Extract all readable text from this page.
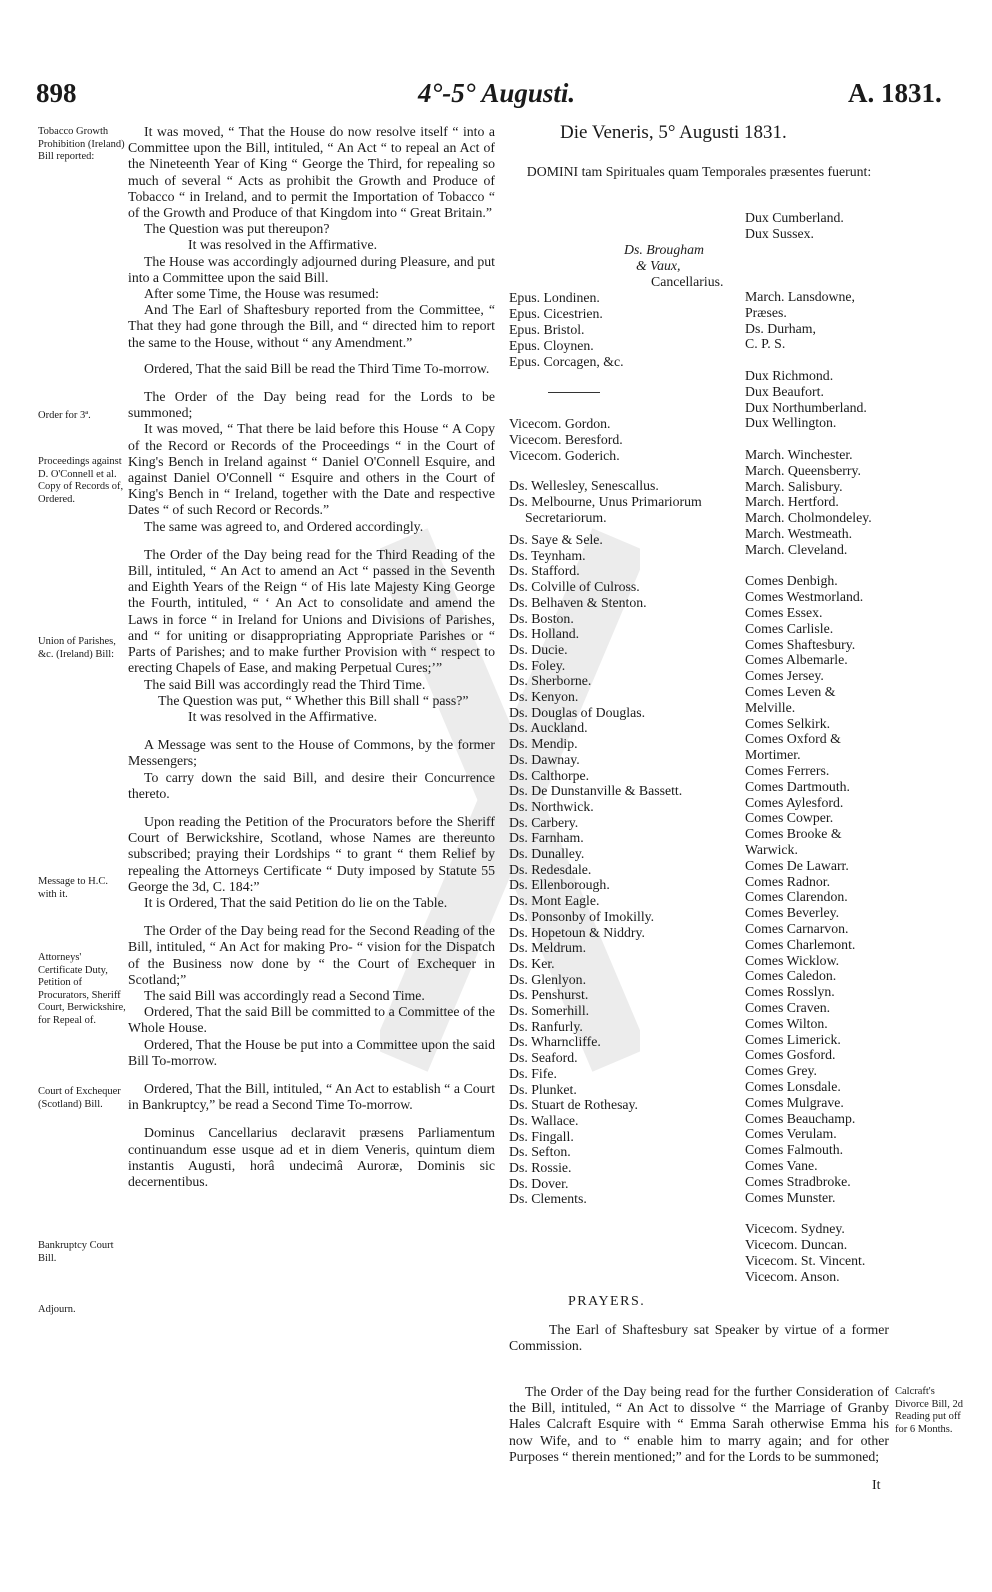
898	4°-5° Augusti.	A. 1831.
Tobacco Growth Prohibition (Ireland) Bill reported:
Order for 3ª.
Proceedings against D. O'Connell et al. Copy of Records of, Ordered.
Union of Parishes, &c. (Ireland) Bill:
Message to H.C. with it.
Attorneys' Certificate Duty, Petition of Procurators, Sheriff Court, Berwickshire, for Repeal of.
Court of Exchequer (Scotland) Bill.
Bankruptcy Court Bill.
Adjourn.

It was moved, “ That the House do now resolve itself “ into a Committee upon the Bill, intituled, “ An Act “ to repeal an Act of the Nineteenth Year of King “ George the Third, for repealing so much of several “ Acts as prohibit the Growth and Produce of Tobacco “ in Ireland, and to permit the Importation of Tobacco “ of the Growth and Produce of that Kingdom into “ Great Britain.”

The Question was put thereupon?

It was resolved in the Affirmative.

The House was accordingly adjourned during Pleasure, and put into a Committee upon the said Bill.

After some Time, the House was resumed:

And The Earl of Shaftesbury reported from the Committee, “ That they had gone through the Bill, and “ directed him to report the same to the House, without “ any Amendment.”

Ordered, That the said Bill be read the Third Time To-morrow.

The Order of the Day being read for the Lords to be summoned;

It was moved, “ That there be laid before this House “ A Copy of the Record or Records of the Proceedings “ in the Court of King's Bench in Ireland against “ Daniel O'Connell Esquire, and against Daniel O'Connell “ Esquire and others in the Court of King's Bench in “ Ireland, together with the Date and respective Dates “ of such Record or Records.”

The same was agreed to, and Ordered accordingly.

The Order of the Day being read for the Third Reading of the Bill, intituled, “ An Act to amend an Act “ passed in the Seventh and Eighth Years of the Reign “ of His late Majesty King George the Fourth, intituled, “ ‘ An Act to consolidate and amend the Laws in force “ in Ireland for Unions and Divisions of Parishes, and “ for uniting or disappropriating Appropriate Parishes or “ Parts of Parishes; and to make further Provision with “ respect to erecting Chapels of Ease, and making Perpetual Cures;’”

The said Bill was accordingly read the Third Time.

The Question was put, “ Whether this Bill shall “ pass?”

It was resolved in the Affirmative.

A Message was sent to the House of Commons, by the former Messengers;

To carry down the said Bill, and desire their Concurrence thereto.

Upon reading the Petition of the Procurators before the Sheriff Court of Berwickshire, Scotland, whose Names are thereunto subscribed; praying their Lordships “ to grant “ them Relief by repealing the Attorneys Certificate “ Duty imposed by Statute 55 George the 3d, C. 184:”

It is Ordered, That the said Petition do lie on the Table.

The Order of the Day being read for the Second Reading of the Bill, intituled, “ An Act for making Pro- “ vision for the Dispatch of the Business now done by “ the Court of Exchequer in Scotland;”

The said Bill was accordingly read a Second Time.

Ordered, That the said Bill be committed to a Committee of the Whole House.

Ordered, That the House be put into a Committee upon the said Bill To-morrow.

Ordered, That the Bill, intituled, “ An Act to establish “ a Court in Bankruptcy,” be read a Second Time To-morrow.

Dominus Cancellarius declaravit præsens Parliamentum continuandum esse usque ad et in diem Veneris, quintum diem instantis Augusti, horâ undecimâ Auroræ, Dominis sic decernentibus.

Die Veneris, 5° Augusti 1831.
DOMINI tam Spirituales quam Temporales præsentes fuerunt:
Ds. Brougham
& Vaux,
Cancellarius.
Epus. Londinen.
Epus. Cicestrien.
Epus. Bristol.
Epus. Cloynen.
Epus. Corcagen, &c.
Vicecom. Gordon.
Vicecom. Beresford.
Vicecom. Goderich.
Ds. Wellesley, Senescallus.
Ds. Melbourne, Unus Primariorum
Secretariorum.
Ds. Saye & Sele.
Ds. Teynham.
Ds. Stafford.
Ds. Colville of Culross.
Ds. Belhaven & Stenton.
Ds. Boston.
Ds. Holland.
Ds. Ducie.
Ds. Foley.
Ds. Sherborne.
Ds. Kenyon.
Ds. Douglas of Douglas.
Ds. Auckland.
Ds. Mendip.
Ds. Dawnay.
Ds. Calthorpe.
Ds. De Dunstanville & Bassett.
Ds. Northwick.
Ds. Carbery.
Ds. Farnham.
Ds. Dunalley.
Ds. Redesdale.
Ds. Ellenborough.
Ds. Mont Eagle.
Ds. Ponsonby of Imokilly.
Ds. Hopetoun & Niddry.
Ds. Meldrum.
Ds. Ker.
Ds. Glenlyon.
Ds. Penshurst.
Ds. Somerhill.
Ds. Ranfurly.
Ds. Wharncliffe.
Ds. Seaford.
Ds. Fife.
Ds. Plunket.
Ds. Stuart de Rothesay.
Ds. Wallace.
Ds. Fingall.
Ds. Sefton.
Ds. Rossie.
Ds. Dover.
Ds. Clements.
Dux Cumberland.
Dux Sussex.
March. Lansdowne,
Præses.
Ds. Durham,
C. P. S.
Dux Richmond.
Dux Beaufort.
Dux Northumberland.
Dux Wellington.
March. Winchester.
March. Queensberry.
March. Salisbury.
March. Hertford.
March. Cholmondeley.
March. Westmeath.
March. Cleveland.
Comes Denbigh.
Comes Westmorland.
Comes Essex.
Comes Carlisle.
Comes Shaftesbury.
Comes Albemarle.
Comes Jersey.
Comes Leven &
Melville.
Comes Selkirk.
Comes Oxford &
Mortimer.
Comes Ferrers.
Comes Dartmouth.
Comes Aylesford.
Comes Cowper.
Comes Brooke &
Warwick.
Comes De Lawarr.
Comes Radnor.
Comes Clarendon.
Comes Beverley.
Comes Carnarvon.
Comes Charlemont.
Comes Wicklow.
Comes Caledon.
Comes Rosslyn.
Comes Craven.
Comes Wilton.
Comes Limerick.
Comes Gosford.
Comes Grey.
Comes Lonsdale.
Comes Mulgrave.
Comes Beauchamp.
Comes Verulam.
Comes Falmouth.
Comes Vane.
Comes Stradbroke.
Comes Munster.
Vicecom. Sydney.
Vicecom. Duncan.
Vicecom. St. Vincent.
Vicecom. Anson.
PRAYERS.
The Earl of Shaftesbury sat Speaker by virtue of a former Commission.
The Order of the Day being read for the further Consideration of the Bill, intituled, “ An Act to dissolve “ the Marriage of Granby Hales Calcraft Esquire with “ Emma Sarah otherwise Emma his now Wife, and to “ enable him to marry again; and for other Purposes “ therein mentioned;” and for the Lords to be summoned;
Calcraft's Divorce Bill, 2d Reading put off for 6 Months.
It
